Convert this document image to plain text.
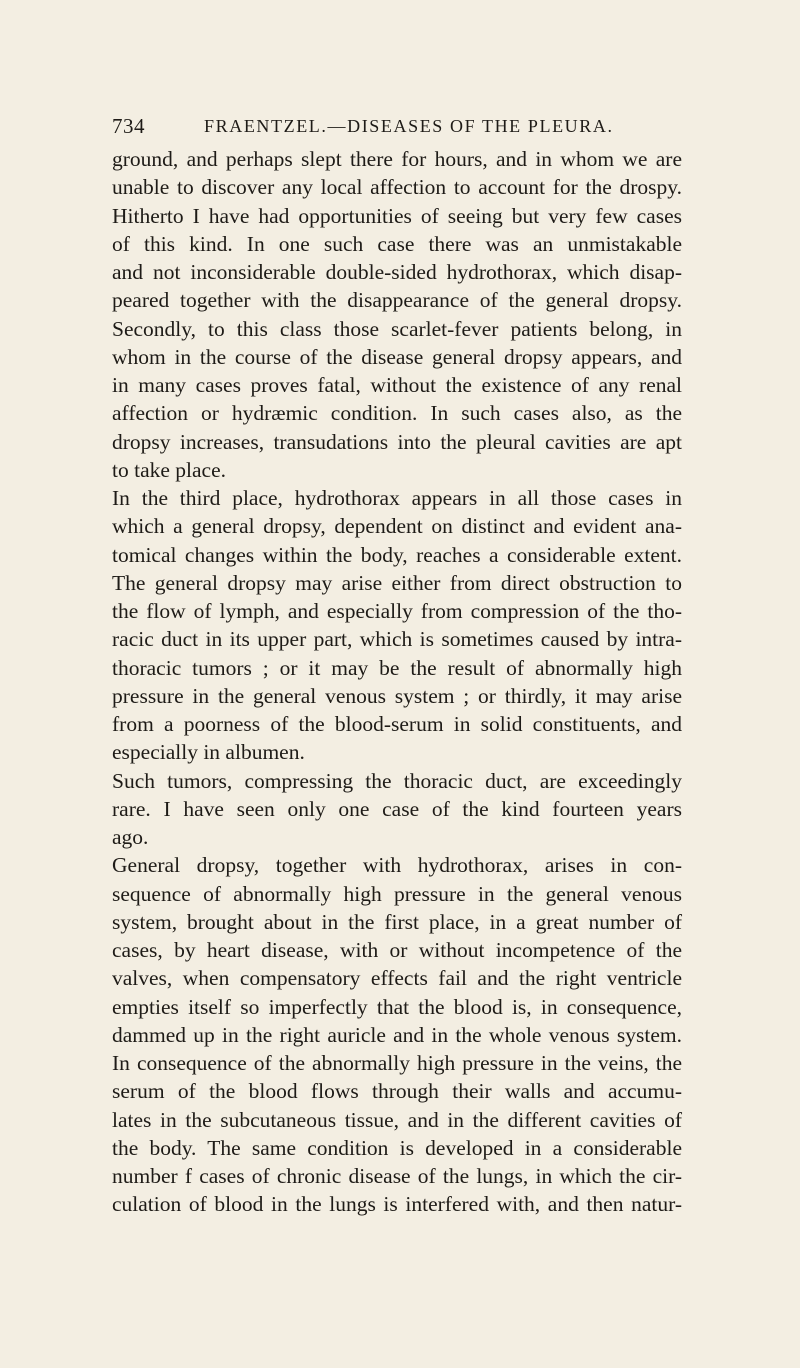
734	FRAENTZEL.—DISEASES OF THE PLEURA.
ground, and perhaps slept there for hours, and in whom we are
unable to discover any local affection to account for the drospy.
Hitherto I have had opportunities of seeing but very few cases
of this kind. In one such case there was an unmistakable
and not inconsiderable double-sided hydrothorax, which disap-
peared together with the disappearance of the general dropsy.
Secondly, to this class those scarlet-fever patients belong, in
whom in the course of the disease general dropsy appears, and
in many cases proves fatal, without the existence of any renal
affection or hydræmic condition. In such cases also, as the
dropsy increases, transudations into the pleural cavities are apt
to take place.
In the third place, hydrothorax appears in all those cases in
which a general dropsy, dependent on distinct and evident ana-
tomical changes within the body, reaches a considerable extent.
The general dropsy may arise either from direct obstruction to
the flow of lymph, and especially from compression of the tho-
racic duct in its upper part, which is sometimes caused by intra-
thoracic tumors ; or it may be the result of abnormally high
pressure in the general venous system ; or thirdly, it may arise
from a poorness of the blood-serum in solid constituents, and
especially in albumen.
Such tumors, compressing the thoracic duct, are exceedingly
rare. I have seen only one case of the kind fourteen years
ago.
General dropsy, together with hydrothorax, arises in con-
sequence of abnormally high pressure in the general venous
system, brought about in the first place, in a great number of
cases, by heart disease, with or without incompetence of the
valves, when compensatory effects fail and the right ventricle
empties itself so imperfectly that the blood is, in consequence,
dammed up in the right auricle and in the whole venous system.
In consequence of the abnormally high pressure in the veins, the
serum of the blood flows through their walls and accumu-
lates in the subcutaneous tissue, and in the different cavities of
the body. The same condition is developed in a considerable
number f cases of chronic disease of the lungs, in which the cir-
culation of blood in the lungs is interfered with, and then natur-
